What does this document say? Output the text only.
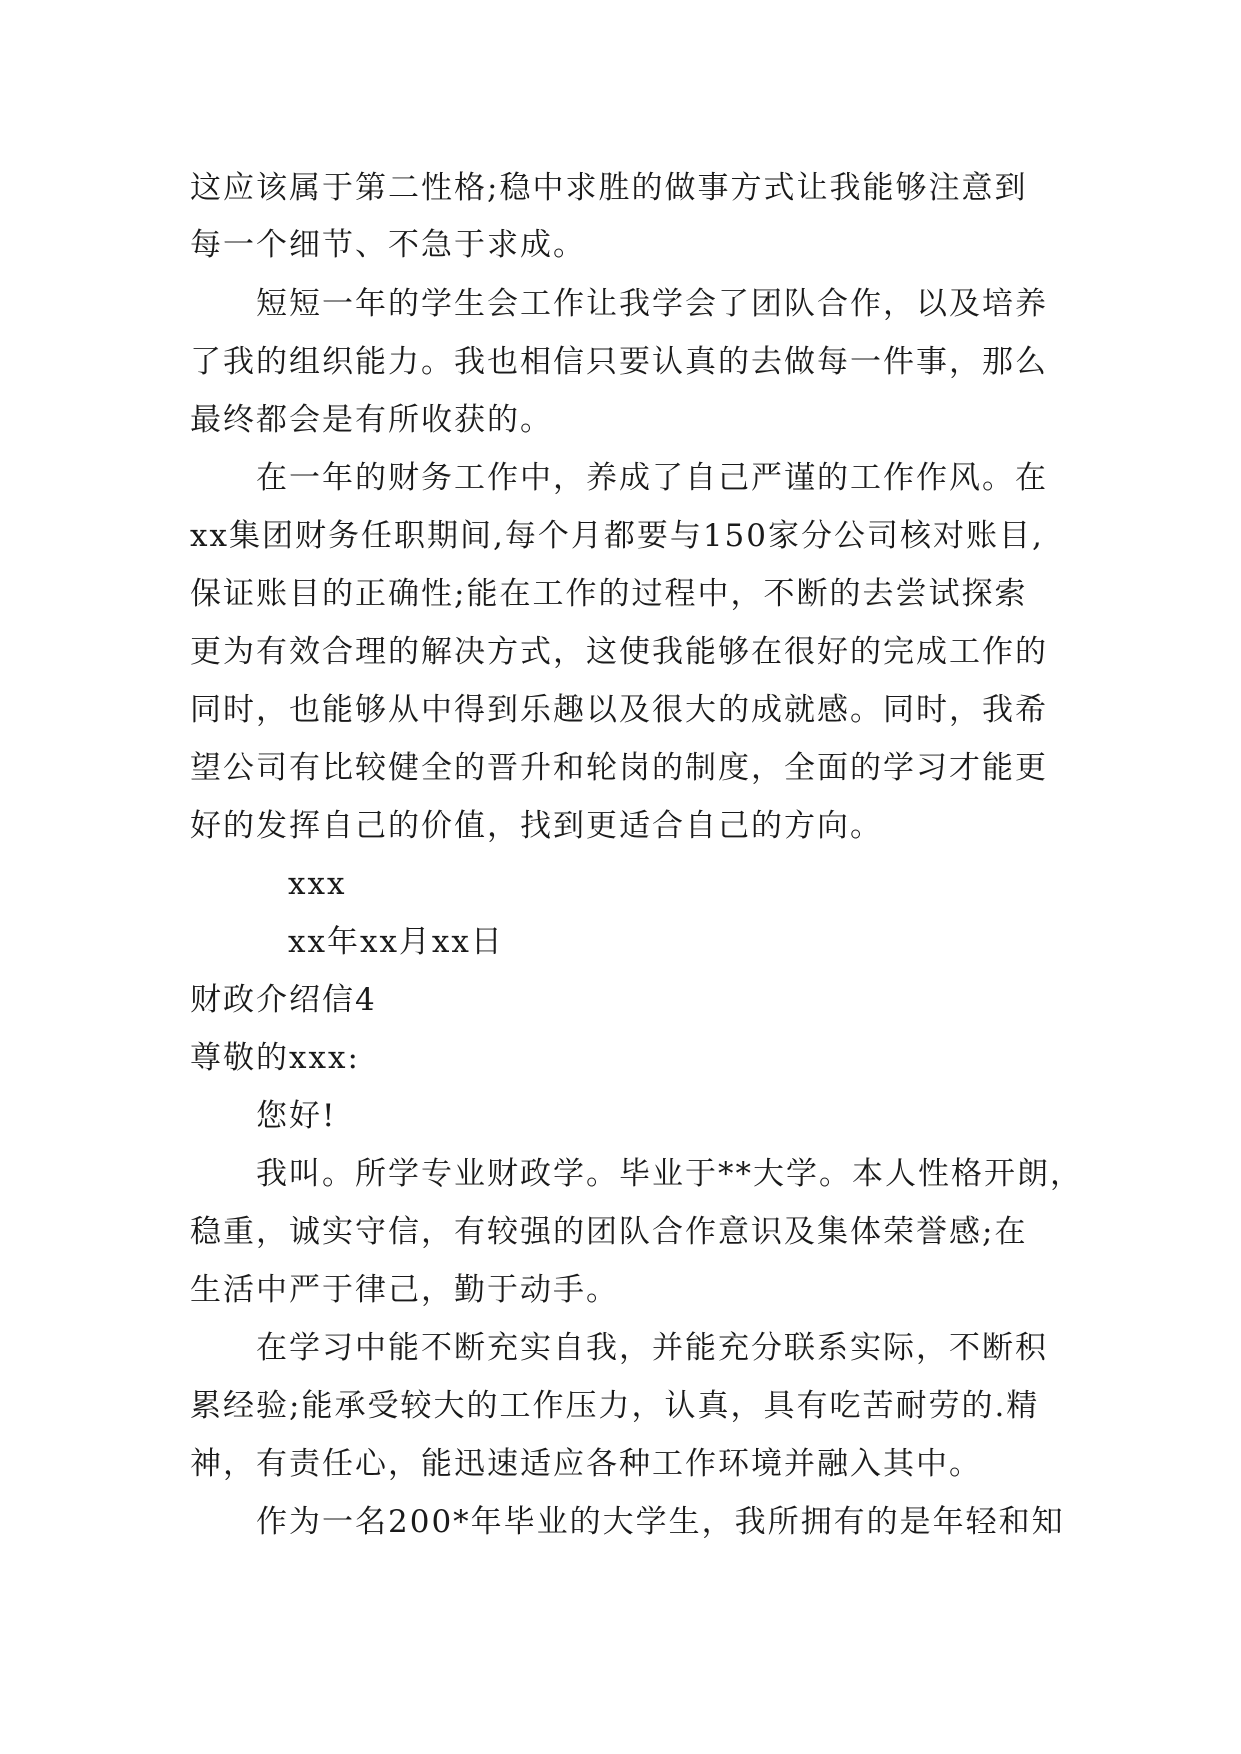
这应该属于第二性格;稳中求胜的做事方式让我能够注意到
每一个细节、不急于求成。
短短一年的学生会工作让我学会了团队合作，以及培养
了我的组织能力。我也相信只要认真的去做每一件事，那么
最终都会是有所收获的。
在一年的财务工作中，养成了自己严谨的工作作风。在
xx集团财务任职期间,每个月都要与150家分公司核对账目,
保证账目的正确性;能在工作的过程中，不断的去尝试探索
更为有效合理的解决方式，这使我能够在很好的完成工作的
同时，也能够从中得到乐趣以及很大的成就感。同时，我希
望公司有比较健全的晋升和轮岗的制度，全面的学习才能更
好的发挥自己的价值，找到更适合自己的方向。
xxx
xx年xx月xx日
财政介绍信4
尊敬的xxx:
您好!
我叫。所学专业财政学。毕业于**大学。本人性格开朗，
稳重，诚实守信，有较强的团队合作意识及集体荣誉感;在
生活中严于律己，勤于动手。
在学习中能不断充实自我，并能充分联系实际，不断积
累经验;能承受较大的工作压力，认真，具有吃苦耐劳的.精
神，有责任心，能迅速适应各种工作环境并融入其中。
作为一名200*年毕业的大学生，我所拥有的是年轻和知
